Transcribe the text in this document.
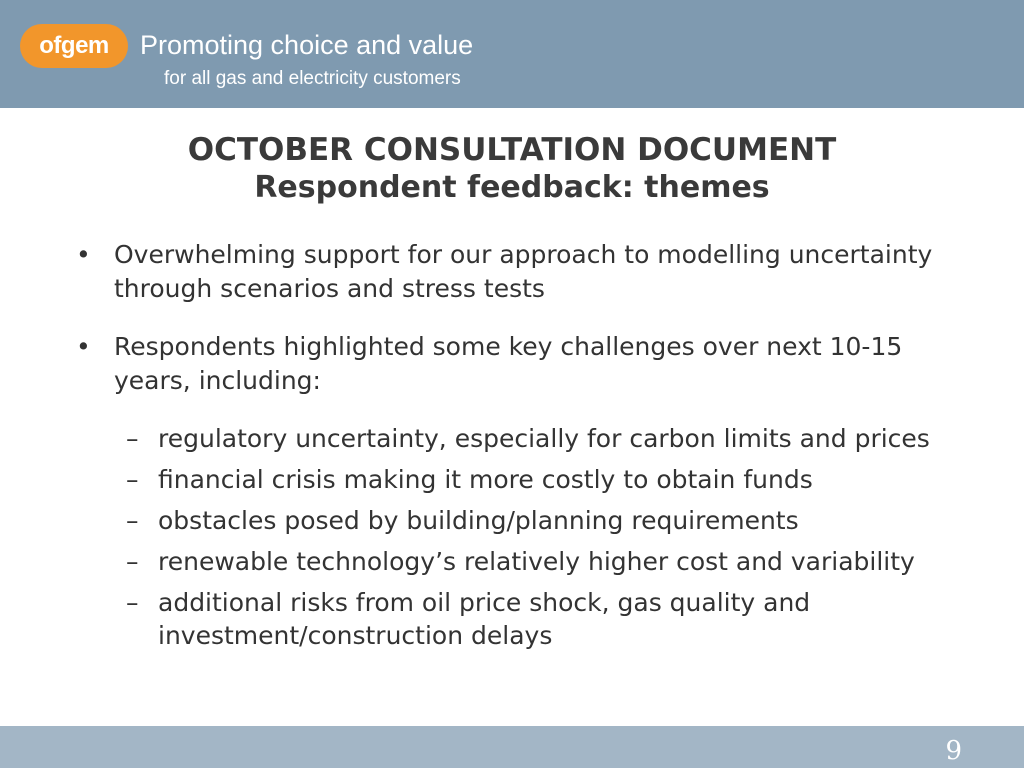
ofgem	Promoting choice and value
for all gas and electricity customers
OCTOBER CONSULTATION DOCUMENT
Respondent feedback: themes
• Overwhelming support for our approach to modelling uncertainty through scenarios and stress tests
• Respondents highlighted some key challenges over next 10-15 years, including:
– regulatory uncertainty, especially for carbon limits and prices
– financial crisis making it more costly to obtain funds
– obstacles posed by building/planning requirements
– renewable technology’s relatively higher cost and variability
– additional risks from oil price shock, gas quality and investment/construction delays
9
